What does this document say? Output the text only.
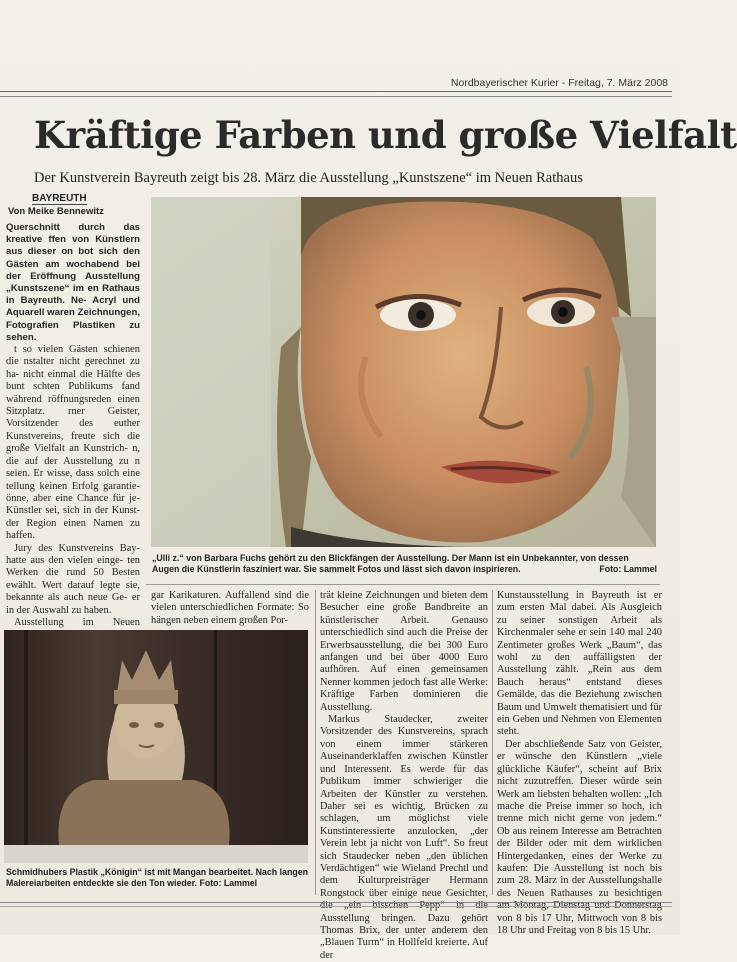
Nordbayerischer Kurier - Freitag, 7. März 2008
Kräftige Farben und große Vielfalt
Der Kunstverein Bayreuth zeigt bis 28. März die Ausstellung „Kunstszene“ im Neuen Rathaus
BAYREUTH
Von Meike Bennewitz

Querschnitt durch das kreative ffen von Künstlern aus dieser on bot sich den Gästen am wochabend bei der Eröffnung Ausstellung „Kunstszene“ im en Rathaus in Bayreuth. Ne- Acryl und Aquarell waren Zeichnungen, Fotografien Plastiken zu sehen.

t so vielen Gästen schienen die nstalter nicht gerechnet zu ha- nicht einmal die Hälfte des bunt schten Publikums fand während röffnungsreden einen Sitzplatz. rner Geister, Vorsitzender des euther Kunstvereins, freute sich die große Vielfalt an Kunstrich- n, die auf der Ausstellung zu n seien. Er wisse, dass solch eine tellung keinen Erfolg garantie- önne, aber eine Chance für je- Künstler sei, sich in der Kunst- der Region einen Namen zu haffen.

Jury des Kunstvereins Bay- hatte aus den vielen einge- ten Werken die rund 50 Besten ewählt. Wert darauf legte sie, bekannte als auch neue Ge- er in der Auswahl zu haben.

Ausstellung im Neuen

„Ulli z.“ von Barbara Fuchs gehört zu den Blickfängen der Ausstellung. Der Mann ist ein Unbekannter, von dessen Augen die Künstlerin fasziniert war. Sie sammelt Fotos und lässt sich davon inspirieren.	Foto: Lammel

gar Karikaturen. Auffallend sind die vielen unterschiedlichen Formate: So hängen neben einem großen Por-

Schmidhubers Plastik „Königin“ ist mit Mangan bearbeitet. Nach langen Malereiarbeiten entdeckte sie den Ton wieder. Foto: Lammel

trät kleine Zeichnungen und bieten dem Besucher eine große Bandbreite an künstlerischer Arbeit. Genauso unterschiedlich sind auch die Preise der Erwerbsausstellung, die bei 300 Euro anfangen und bei über 4000 Euro aufhören. Auf einen gemeinsamen Nenner kommen jedoch fast alle Werke: Kräftige Farben dominieren die Ausstellung.

Markus Staudecker, zweiter Vorsitzender des Kunstvereins, sprach von einem immer stärkeren Auseinanderklaffen zwischen Künstler und Interessent. Es werde für das Publikum immer schwieriger die Arbeiten der Künstler zu verstehen. Daher sei es wichtig, Brücken zu schlagen, um möglichst viele Kunstinteressierte anzulocken, „der Verein lebt ja nicht von Luft“. So freut sich Staudecker neben „den üblichen Verdächtigen“ wie Wieland Prechtl und dem Kulturpreisträger Hermann Rongstock über einige neue Gesichter, die „ein bisschen Pepp“ in die Ausstellung bringen. Dazu gehört Thomas Brix, der unter anderem den „Blauen Turm“ in Hollfeld kreierte. Auf der

Kunstausstellung in Bayreuth ist er zum ersten Mal dabei. Als Ausgleich zu seiner sonstigen Arbeit als Kirchenmaler sehe er sein 140 mal 240 Zentimeter großes Werk „Baum“, das wohl zu den auffälligsten der Ausstellung zählt. „Rein aus dem Bauch heraus“ entstand dieses Gemälde, das die Beziehung zwischen Baum und Umwelt thematisiert und für ein Geben und Nehmen von Elementen steht.

Der abschließende Satz von Geister, er wünsche den Künstlern „viele glückliche Käufer“, scheint auf Brix nicht zuzutreffen. Dieser würde sein Werk am liebsten behalten wollen: „Ich mache die Preise immer so hoch, ich trenne mich nicht gerne von jedem.“ Ob aus reinem Interesse am Betrachten der Bilder oder mit dem wirklichen Hintergedanken, eines der Werke zu kaufen: Die Ausstellung ist noch bis zum 28. März in der Ausstellungshalle des Neuen Rathauses zu besichtigen am Montag, Dienstag und Donnerstag von 8 bis 17 Uhr, Mittwoch von 8 bis 18 Uhr und Freitag von 8 bis 15 Uhr.
